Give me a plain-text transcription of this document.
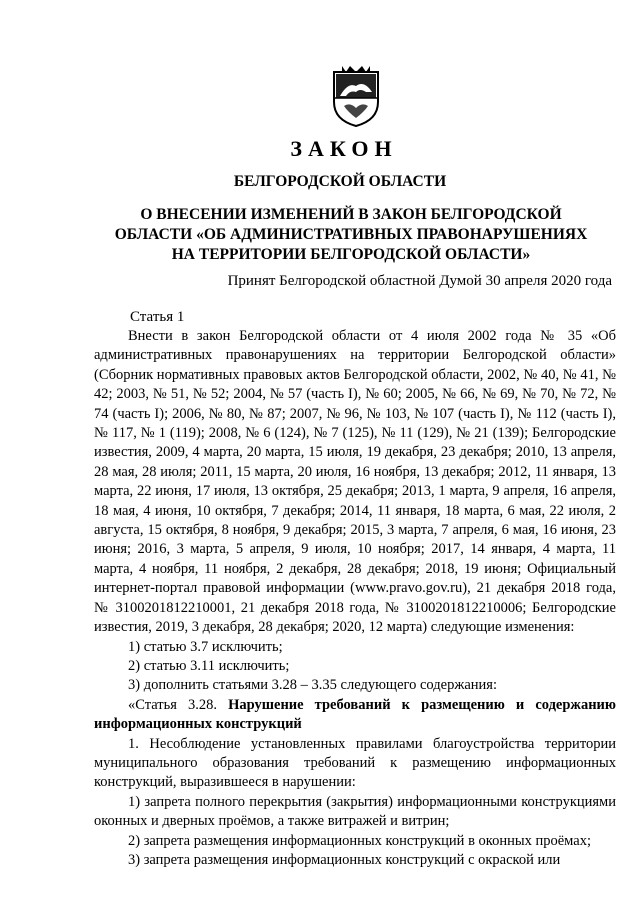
ЗАКОН
БЕЛГОРОДСКОЙ ОБЛАСТИ
О ВНЕСЕНИИ ИЗМЕНЕНИЙ В ЗАКОН БЕЛГОРОДСКОЙ
ОБЛАСТИ «ОБ АДМИНИСТРАТИВНЫХ ПРАВОНАРУШЕНИЯХ
НА ТЕРРИТОРИИ БЕЛГОРОДСКОЙ ОБЛАСТИ»
Принят Белгородской областной Думой 30 апреля 2020 года
Статья 1

Внести в закон Белгородской области от 4 июля 2002 года № 35 «Об административных правонарушениях на территории Белгородской области» (Сборник нормативных правовых актов Белгородской области, 2002, № 40, № 41, № 42; 2003, № 51, № 52; 2004, № 57 (часть I), № 60; 2005, № 66, № 69, № 70, № 72, № 74 (часть I); 2006, № 80, № 87; 2007, № 96, № 103, № 107 (часть I), № 112 (часть I), № 117, № 1 (119); 2008, № 6 (124), № 7 (125), № 11 (129), № 21 (139); Белгородские известия, 2009, 4 марта, 20 марта, 15 июля, 19 декабря, 23 декабря; 2010, 13 апреля, 28 мая, 28 июля; 2011, 15 марта, 20 июля, 16 ноября, 13 декабря; 2012, 11 января, 13 марта, 22 июня, 17 июля, 13 октября, 25 декабря; 2013, 1 марта, 9 апреля, 16 апреля, 18 мая, 4 июня, 10 октября, 7 декабря; 2014, 11 января, 18 марта, 6 мая, 22 июля, 2 августа, 15 октября, 8 ноября, 9 декабря; 2015, 3 марта, 7 апреля, 6 мая, 16 июня, 23 июня; 2016, 3 марта, 5 апреля, 9 июля, 10 ноября; 2017, 14 января, 4 марта, 11 марта, 4 ноября, 11 ноября, 2 декабря, 28 декабря; 2018, 19 июня; Официальный интернет-портал правовой информации (www.pravo.gov.ru), 21 декабря 2018 года, № 3100201812210001, 21 декабря 2018 года, № 3100201812210006; Белгородские известия, 2019, 3 декабря, 28 декабря; 2020, 12 марта) следующие изменения:

1) статью 3.7 исключить;

2) статью 3.11 исключить;

3) дополнить статьями 3.28 – 3.35 следующего содержания:

«Статья 3.28. Нарушение требований к размещению и содержанию информационных конструкций

1. Несоблюдение установленных правилами благоустройства территории муниципального образования требований к размещению информационных конструкций, выразившееся в нарушении:

1) запрета полного перекрытия (закрытия) информационными конструкциями оконных и дверных проёмов, а также витражей и витрин;

2) запрета размещения информационных конструкций в оконных проёмах;

3) запрета размещения информационных конструкций с окраской или
